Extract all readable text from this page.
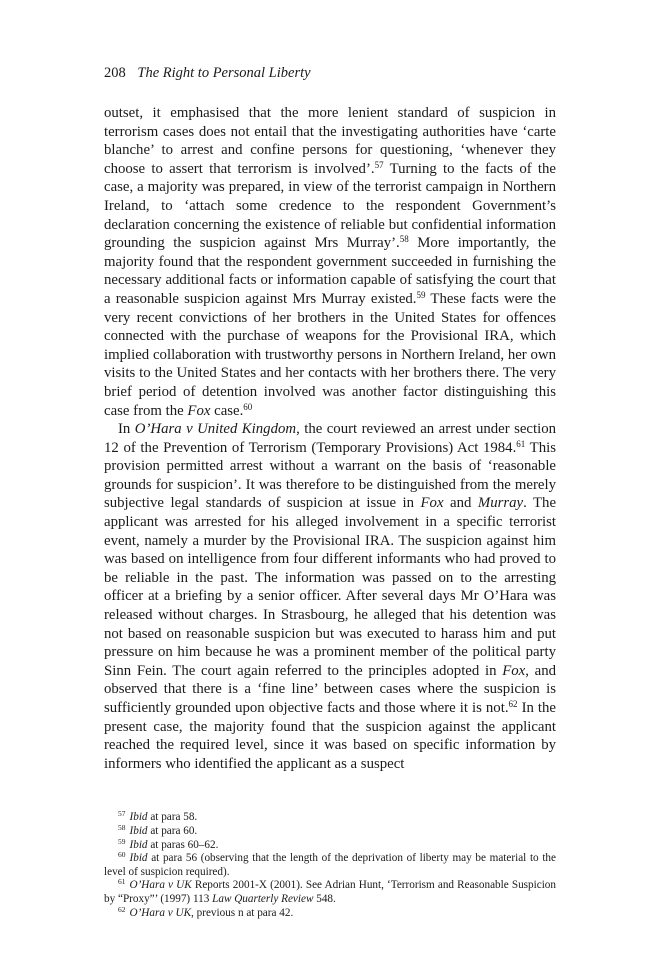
208 The Right to Personal Liberty

outset, it emphasised that the more lenient standard of suspicion in terrorism cases does not entail that the investigating authorities have ‘carte blanche’ to arrest and confine persons for questioning, ‘whenever they choose to assert that terrorism is involved’.$^{57}$ Turning to the facts of the case, a majority was prepared, in view of the terrorist campaign in Northern Ireland, to ‘attach some credence to the respondent Government’s declaration concerning the existence of reliable but confidential information grounding the suspicion against Mrs Murray’.$^{58}$ More importantly, the majority found that the respondent government succeeded in furnishing the necessary additional facts or information capable of satisfying the court that a reasonable suspicion against Mrs Murray existed.$^{59}$ These facts were the very recent convictions of her brothers in the United States for offences connected with the purchase of weapons for the Provisional IRA, which implied collaboration with trustworthy persons in Northern Ireland, her own visits to the United States and her contacts with her brothers there. The very brief period of detention involved was another factor distinguishing this case from the Fox case.$^{60}$

In O’Hara v United Kingdom, the court reviewed an arrest under section 12 of the Prevention of Terrorism (Temporary Provisions) Act 1984.61 This provision permitted arrest without a warrant on the basis of ‘reasonable grounds for suspicion’. It was therefore to be distinguished from the merely subjective legal standards of suspicion at issue in Fox and Murray. The applicant was arrested for his alleged involvement in a specific terrorist event, namely a murder by the Provisional IRA. The suspicion against him was based on intelligence from four different informants who had proved to be reliable in the past. The information was passed on to the arresting officer at a briefing by a senior officer. After several days Mr O’Hara was released without charges. In Strasbourg, he alleged that his detention was not based on reasonable suspicion but was executed to harass him and put pressure on him because he was a prominent member of the political party Sinn Fein. The court again referred to the principles adopted in Fox, and observed that there is a ‘fine line’ between cases where the suspicion is sufficiently grounded upon objective facts and those where it is not.$^{62}$ In the present case, the majority found that the suspicion against the applicant reached the required level, since it was based on specific information by informers who identified the applicant as a suspect

$^{57}$ Ibid at para 58.
$^{58}$ Ibid at para 60.
$^{59}$ Ibid at paras 60–62.
$^{60}$ Ibid at para 56 (observing that the length of the deprivation of liberty may be material to the level of suspicion required).
$^{61}$ O’Hara v UK Reports 2001-X (2001). See Adrian Hunt, ‘Terrorism and Reasonable Suspicion by “Proxy”’ (1997) 113 Law Quarterly Review 548.
$^{62}$ O’Hara v UK, previous n at para 42.
